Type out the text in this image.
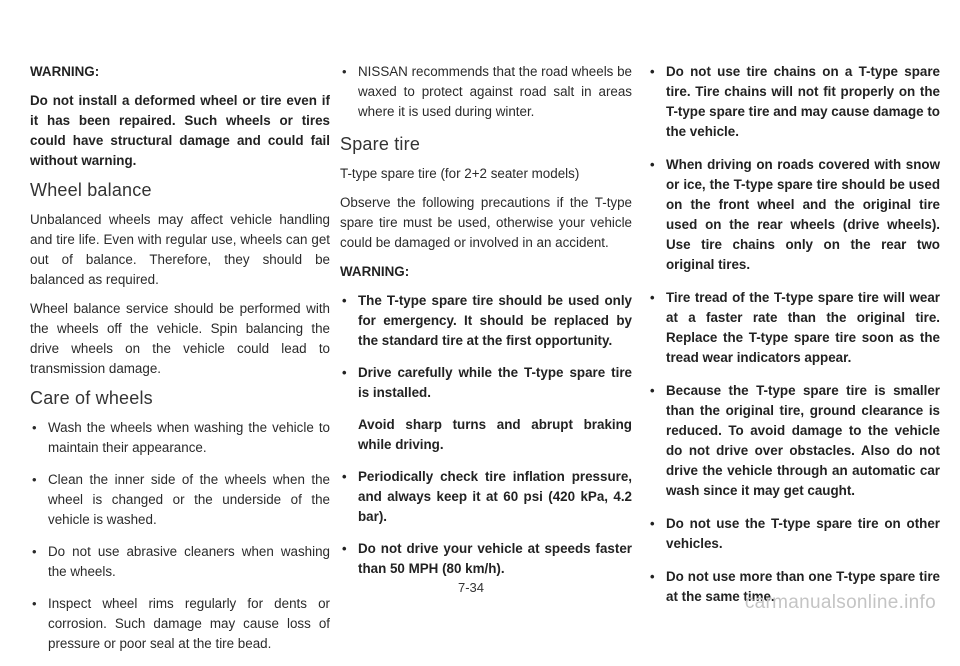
WARNING:

Do not install a deformed wheel or tire even if it has been repaired. Such wheels or tires could have structural damage and could fail without warning.

Wheel balance

Unbalanced wheels may affect vehicle handling and tire life. Even with regular use, wheels can get out of balance. Therefore, they should be balanced as required.

Wheel balance service should be performed with the wheels off the vehicle. Spin balancing the drive wheels on the vehicle could lead to transmission damage.

Care of wheels
• Wash the wheels when washing the vehicle to maintain their appearance.
• Clean the inner side of the wheels when the wheel is changed or the underside of the vehicle is washed.
• Do not use abrasive cleaners when washing the wheels.
• Inspect wheel rims regularly for dents or corrosion. Such damage may cause loss of pressure or poor seal at the tire bead.
• NISSAN recommends that the road wheels be waxed to protect against road salt in areas where it is used during winter.
Spare tire

T-type spare tire (for 2+2 seater models)

Observe the following precautions if the T-type spare tire must be used, otherwise your vehicle could be damaged or involved in an accident.

WARNING:

• The T-type spare tire should be used only for emergency. It should be replaced by the standard tire at the first opportunity.
• Drive carefully while the T-type spare tire is installed.

Avoid sharp turns and abrupt braking while driving.

• Periodically check tire inflation pressure, and always keep it at 60 psi (420 kPa, 4.2 bar).
• Do not drive your vehicle at speeds faster than 50 MPH (80 km/h).
• Do not use tire chains on a T-type spare tire. Tire chains will not fit properly on the T-type spare tire and may cause damage to the vehicle.
• When driving on roads covered with snow or ice, the T-type spare tire should be used on the front wheel and the original tire used on the rear wheels (drive wheels). Use tire chains only on the rear two original tires.
• Tire tread of the T-type spare tire will wear at a faster rate than the original tire. Replace the T-type spare tire soon as the tread wear indicators appear.
• Because the T-type spare tire is smaller than the original tire, ground clearance is reduced. To avoid damage to the vehicle do not drive over obstacles. Also do not drive the vehicle through an automatic car wash since it may get caught.
• Do not use the T-type spare tire on other vehicles.
• Do not use more than one T-type spare tire at the same time.
7-34
carmanualsonline.info
